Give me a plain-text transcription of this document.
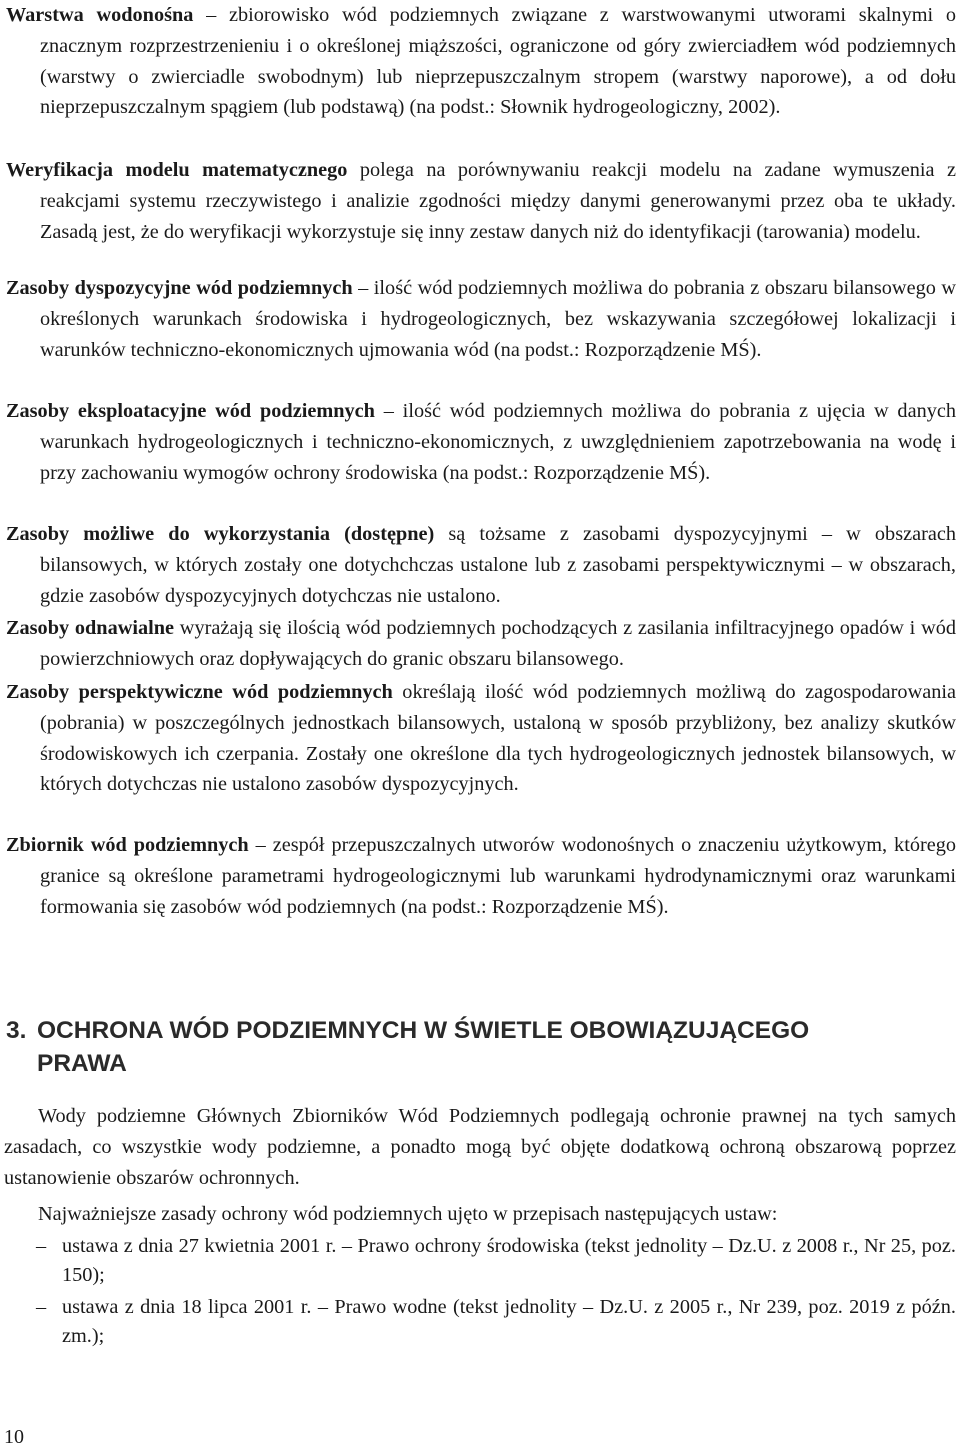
Warstwa wodonośna – zbiorowisko wód podziemnych związane z warstwowanymi utworami skalnymi o znacznym rozprzestrzenieniu i o określonej miąższości, ograniczone od góry zwierciadłem wód podziemnych (warstwy o zwierciadle swobodnym) lub nieprzepuszczalnym stropem (warstwy naporowe), a od dołu nieprzepuszczalnym spągiem (lub podstawą) (na podst.: Słownik hydrogeologiczny, 2002).
Weryfikacja modelu matematycznego polega na porównywaniu reakcji modelu na zadane wymuszenia z reakcjami systemu rzeczywistego i analizie zgodności między danymi generowanymi przez oba te układy. Zasadą jest, że do weryfikacji wykorzystuje się inny zestaw danych niż do identyfikacji (tarowania) modelu.
Zasoby dyspozycyjne wód podziemnych – ilość wód podziemnych możliwa do pobrania z obszaru bilansowego w określonych warunkach środowiska i hydrogeologicznych, bez wskazywania szczegółowej lokalizacji i warunków techniczno-ekonomicznych ujmowania wód (na podst.: Rozporządzenie MŚ).
Zasoby eksploatacyjne wód podziemnych – ilość wód podziemnych możliwa do pobrania z ujęcia w danych warunkach hydrogeologicznych i techniczno-ekonomicznych, z uwzględnieniem zapotrzebowania na wodę i przy zachowaniu wymogów ochrony środowiska (na podst.: Rozporządzenie MŚ).
Zasoby możliwe do wykorzystania (dostępne) są tożsame z zasobami dyspozycyjnymi – w obszarach bilansowych, w których zostały one dotychchczas ustalone lub z zasobami perspektywicznymi – w obszarach, gdzie zasobów dyspozycyjnych dotychczas nie ustalono.
Zasoby odnawialne wyrażają się ilością wód podziemnych pochodzących z zasilania infiltracyjnego opadów i wód powierzchniowych oraz dopływających do granic obszaru bilansowego.
Zasoby perspektywiczne wód podziemnych określają ilość wód podziemnych możliwą do zagospodarowania (pobrania) w poszczególnych jednostkach bilansowych, ustaloną w sposób przybliżony, bez analizy skutków środowiskowych ich czerpania. Zostały one określone dla tych hydrogeologicznych jednostek bilansowych, w których dotychczas nie ustalono zasobów dyspozycyjnych.
Zbiornik wód podziemnych – zespół przepuszczalnych utworów wodonośnych o znaczeniu użytkowym, którego granice są określone parametrami hydrogeologicznymi lub warunkami hydrodynamicznymi oraz warunkami formowania się zasobów wód podziemnych (na podst.: Rozporządzenie MŚ).
3. OCHRONA WÓD PODZIEMNYCH W ŚWIETLE OBOWIĄZUJĄCEGO
PRAWA
Wody podziemne Głównych Zbiorników Wód Podziemnych podlegają ochronie prawnej na tych samych zasadach, co wszystkie wody podziemne, a ponadto mogą być objęte dodatkową ochroną obszarową poprzez ustanowienie obszarów ochronnych.
Najważniejsze zasady ochrony wód podziemnych ujęto w przepisach następujących ustaw:
– ustawa z dnia 27 kwietnia 2001 r. – Prawo ochrony środowiska (tekst jednolity – Dz.U. z 2008 r., Nr 25, poz. 150);
– ustawa z dnia 18 lipca 2001 r. – Prawo wodne (tekst jednolity – Dz.U. z 2005 r., Nr 239, poz. 2019 z późn. zm.);
10
